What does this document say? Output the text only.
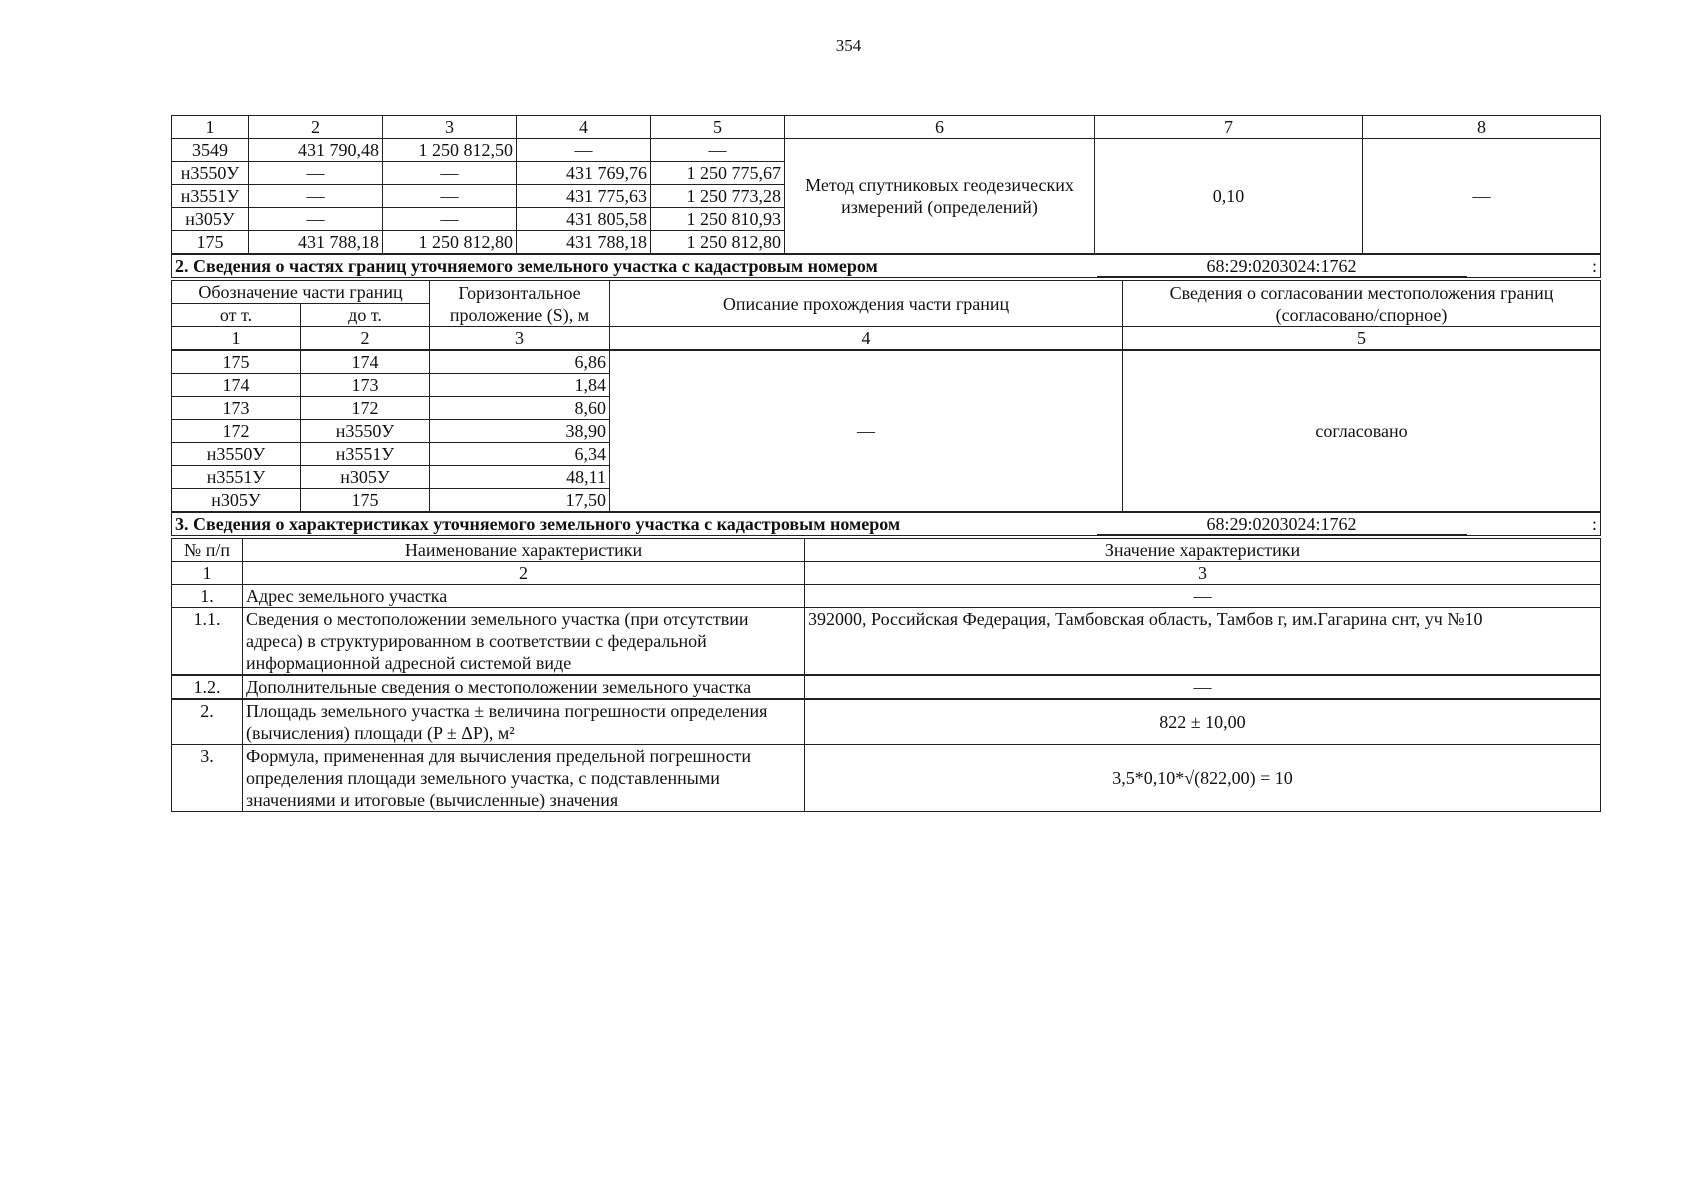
354
1	2	3	4	5	6	7	8
3549	431 790,48	1 250 812,50	—	—	Метод спутниковых геодезических измерений (определений)	0,10	—
н3550У	—	—	431 769,76	1 250 775,67			
н3551У	—	—	431 775,63	1 250 773,28			
н305У	—	—	431 805,58	1 250 810,93			
175	431 788,18	1 250 812,80	431 788,18	1 250 812,80			
2. Сведения о частях границ уточняемого земельного участка с кадастровым номером	68:29:0203024:1762	:
Обозначение части границ		Горизонтальное проложение (S), м	Описание прохождения части границ	Сведения о согласовании местоположения границ (согласовано/спорное)
от т.	до т.			
1	2	3	4	5
175	174	6,86	—	согласовано
174	173	1,84		
173	172	8,60		
172	н3550У	38,90		
н3550У	н3551У	6,34		
н3551У	н305У	48,11		
н305У	175	17,50		
3. Сведения о характеристиках уточняемого земельного участка с кадастровым номером	68:29:0203024:1762	:
№ п/п	Наименование характеристики	Значение характеристики
1	2	3
1.	Адрес земельного участка	—
1.1.	Сведения о местоположении земельного участка (при отсутствии адреса) в структурированном в соответствии с федеральной информационной адресной системой виде	392000, Российская Федерация, Тамбовская область, Тамбов г, им.Гагарина снт, уч №10
1.2.	Дополнительные сведения о местоположении земельного участка	—
2.	Площадь земельного участка ± величина погрешности определения (вычисления) площади (P ± ΔP), м²	822 ± 10,00
3.	Формула, примененная для вычисления предельной погрешности определения площади земельного участка, с подставленными значениями и итоговые (вычисленные) значения	3,5*0,10*√(822,00) = 10
